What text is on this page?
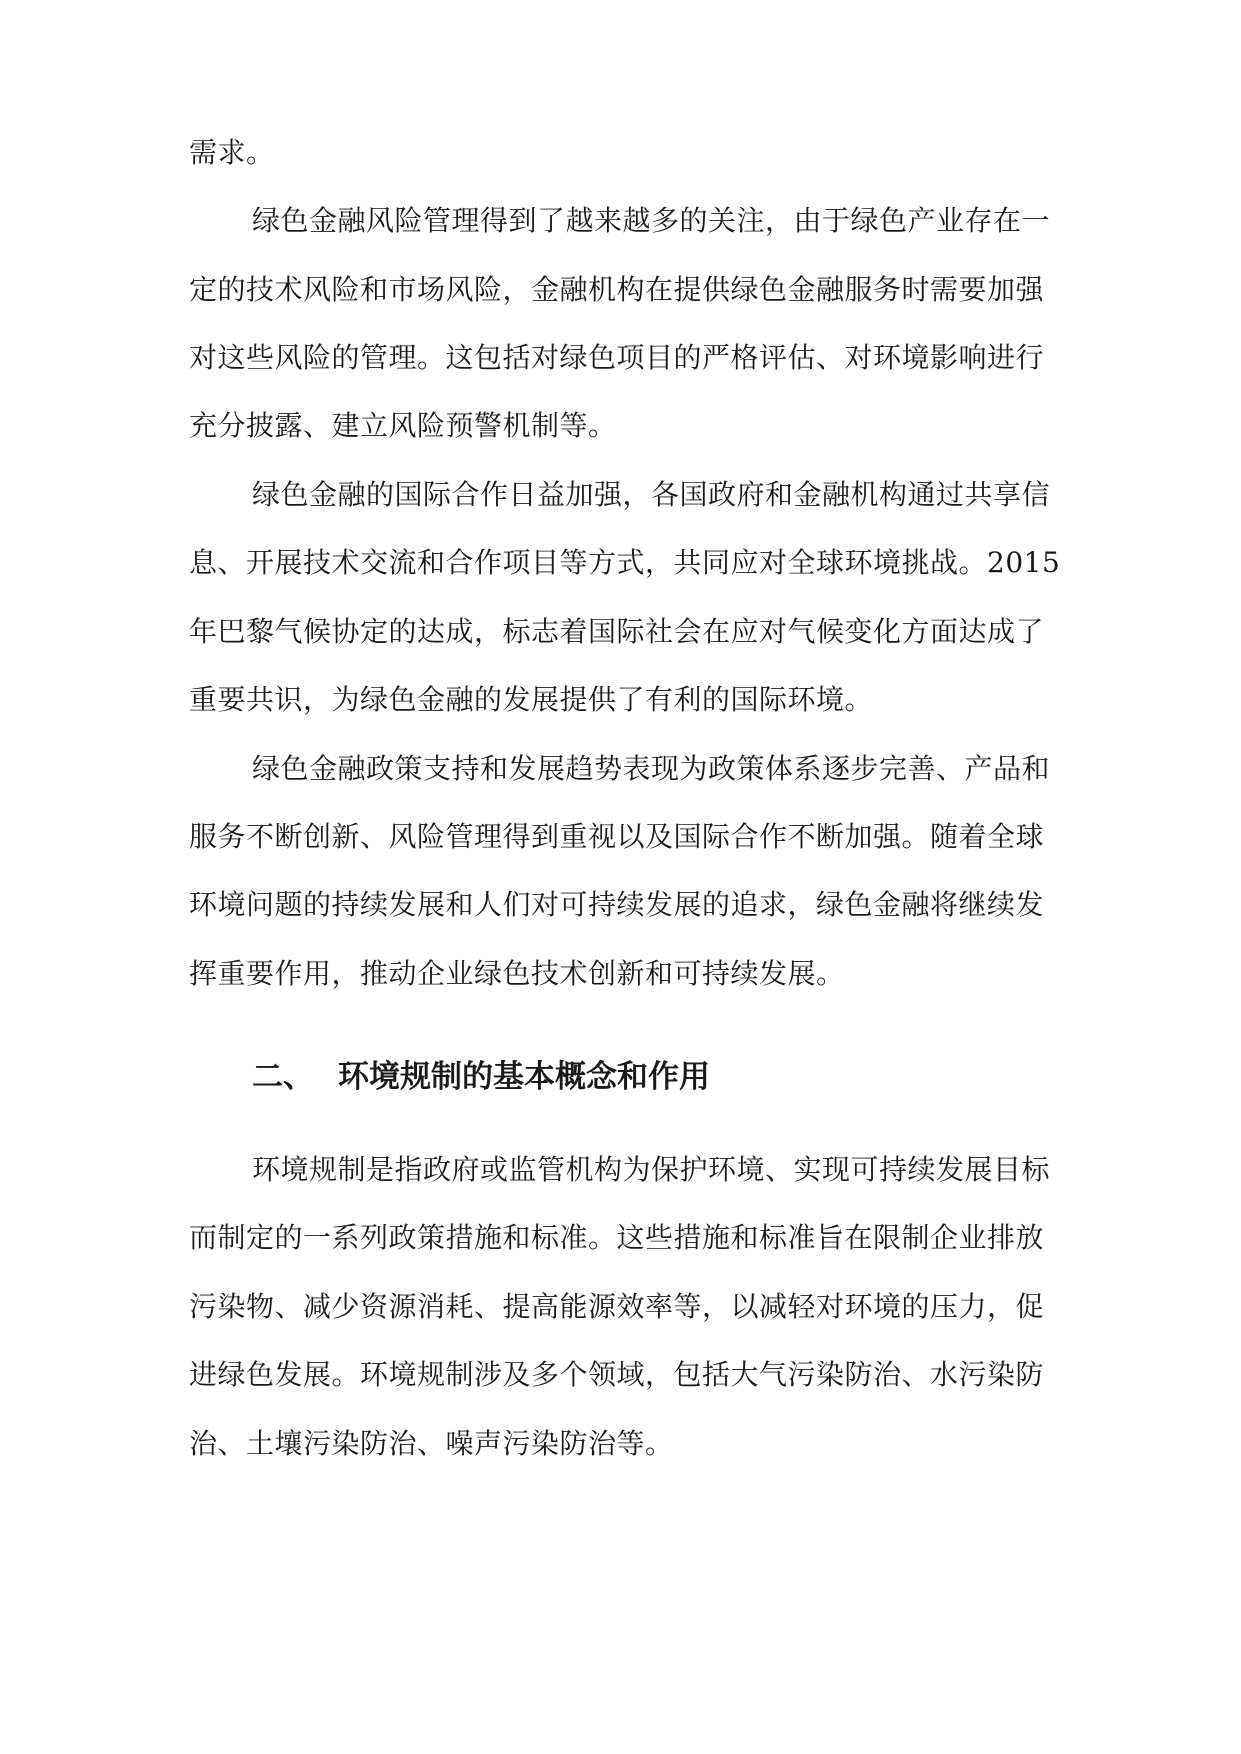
需求。
绿色金融风险管理得到了越来越多的关注，由于绿色产业存在一
定的技术风险和市场风险，金融机构在提供绿色金融服务时需要加强
对这些风险的管理。这包括对绿色项目的严格评估、对环境影响进行
充分披露、建立风险预警机制等。
绿色金融的国际合作日益加强，各国政府和金融机构通过共享信
息、开展技术交流和合作项目等方式，共同应对全球环境挑战。2015
年巴黎气候协定的达成，标志着国际社会在应对气候变化方面达成了
重要共识，为绿色金融的发展提供了有利的国际环境。
绿色金融政策支持和发展趋势表现为政策体系逐步完善、产品和
服务不断创新、风险管理得到重视以及国际合作不断加强。随着全球
环境问题的持续发展和人们对可持续发展的追求，绿色金融将继续发
挥重要作用，推动企业绿色技术创新和可持续发展。
二、 环境规制的基本概念和作用
环境规制是指政府或监管机构为保护环境、实现可持续发展目标
而制定的一系列政策措施和标准。这些措施和标准旨在限制企业排放
污染物、减少资源消耗、提高能源效率等，以减轻对环境的压力，促
进绿色发展。环境规制涉及多个领域，包括大气污染防治、水污染防
治、土壤污染防治、噪声污染防治等。
